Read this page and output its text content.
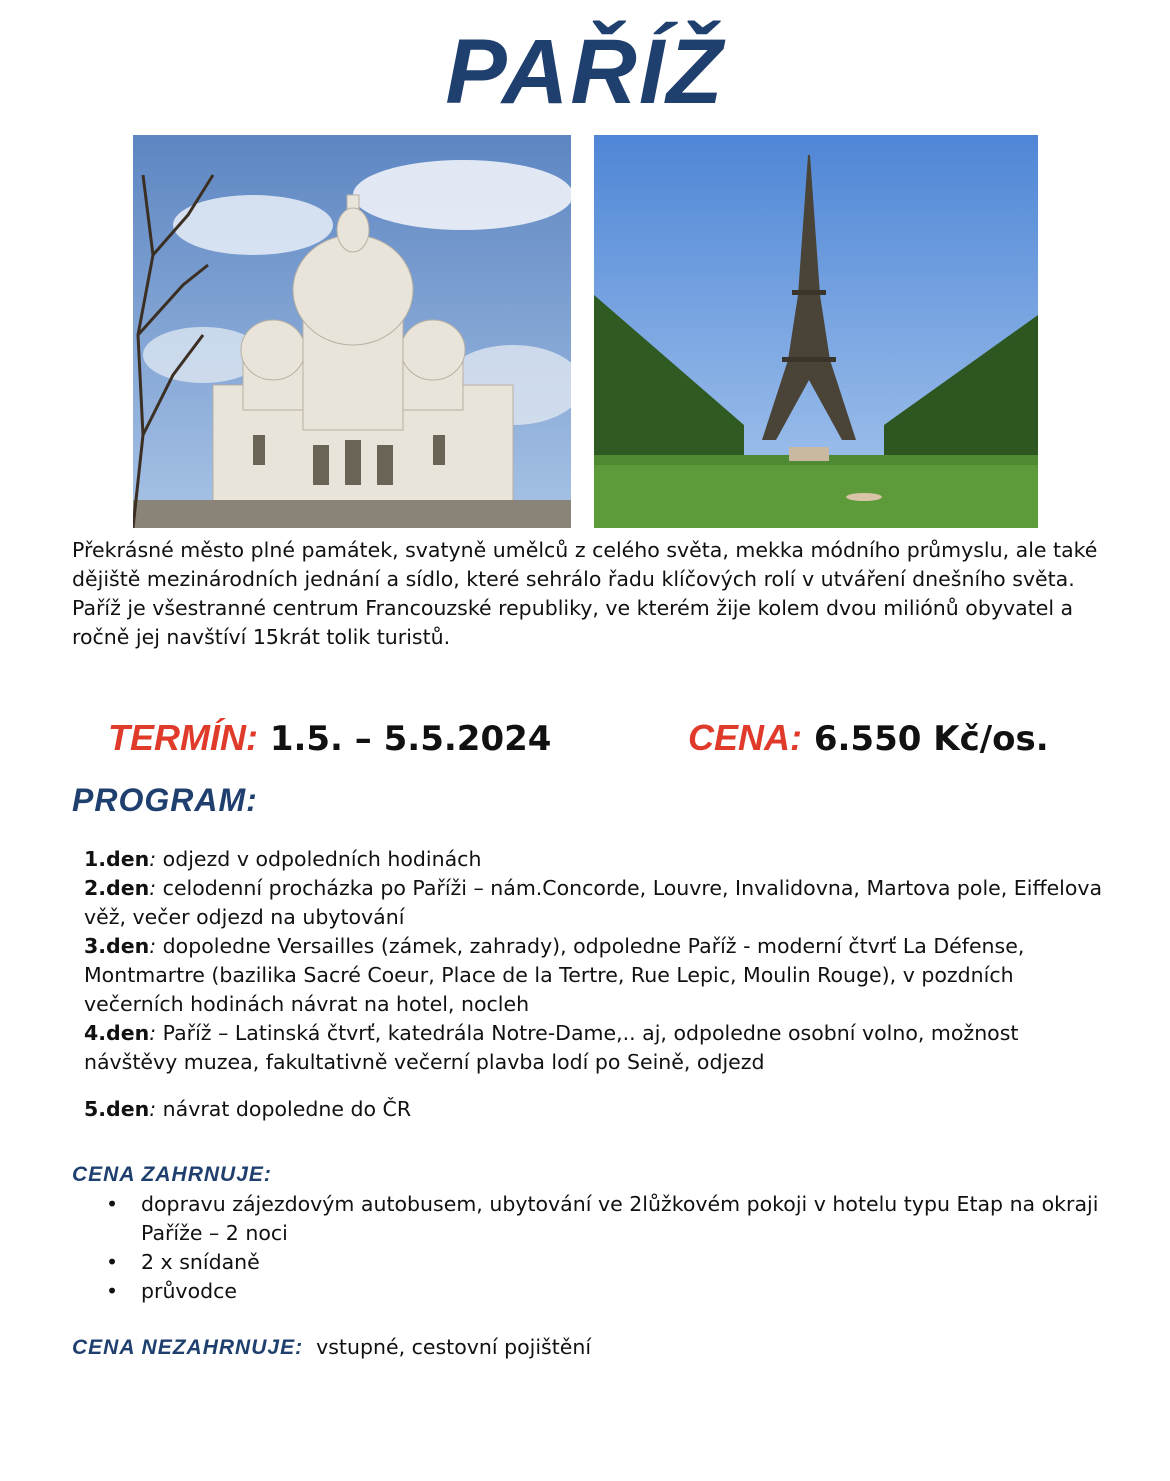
PAŘÍŽ

Překrásné město plné památek, svatyně umělců z celého světa, mekka módního průmyslu, ale také dějiště mezinárodních jednání a sídlo, které sehrálo řadu klíčových rolí v utváření dnešního světa. Paříž je všestranné centrum Francouzské republiky, ve kterém žije kolem dvou miliónů obyvatel a ročně jej navštíví 15krát tolik turistů.

TERMÍN: 1.5. – 5.5.2024	CENA: 6.550 Kč/os.
PROGRAM:

1.den: odjezd v odpoledních hodinách

2.den: celodenní procházka po Paříži – nám.Concorde, Louvre, Invalidovna, Martova pole, Eiffelova věž, večer odjezd na ubytování

3.den: dopoledne Versailles (zámek, zahrady), odpoledne Paříž - moderní čtvrť La Défense, Montmartre (bazilika Sacré Coeur, Place de la Tertre, Rue Lepic, Moulin Rouge), v pozdních večerních hodinách návrat na hotel, nocleh

4.den: Paříž – Latinská čtvrť, katedrála Notre-Dame,.. aj, odpoledne osobní volno, možnost návštěvy muzea, fakultativně večerní plavba lodí po Seině, odjezd

5.den: návrat dopoledne do ČR

CENA ZAHRNUJE:
• dopravu zájezdovým autobusem, ubytování ve 2lůžkovém pokoji v hotelu typu Etap na okraji Paříže – 2 noci
• 2 x snídaně
• průvodce
CENA NEZAHRNUJE: vstupné, cestovní pojištění
